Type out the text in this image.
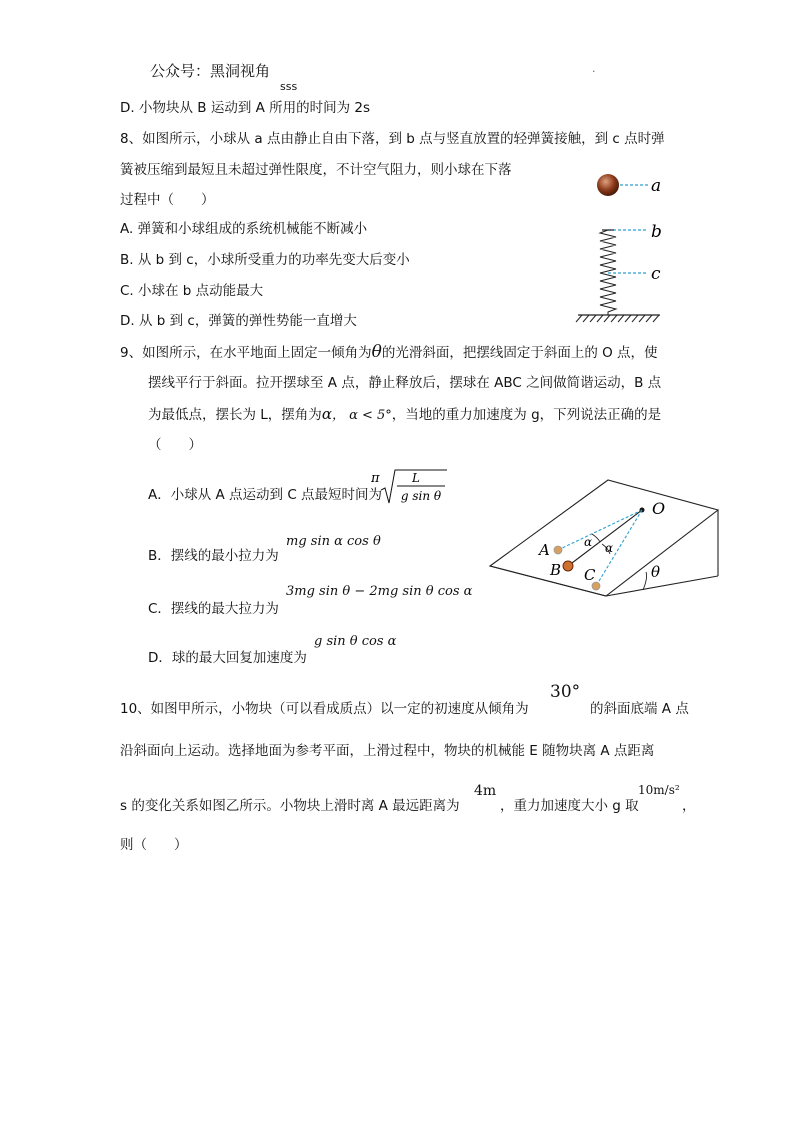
公众号：黑洞视角
sss
.
D. 小物块从 B 运动到 A 所用的时间为 2s
8、如图所示，小球从 a 点由静止自由下落，到 b 点与竖直放置的轻弹簧接触，到 c 点时弹
簧被压缩到最短且未超过弹性限度，不计空气阻力，则小球在下落
过程中（　　）
A. 弹簧和小球组成的系统机械能不断减小
B. 从 b 到 c，小球所受重力的功率先变大后变小
C. 小球在 b 点动能最大
D. 从 b 到 c，弹簧的弹性势能一直增大
a
b
c
9、如图所示，在水平地面上固定一倾角为θ的光滑斜面，把摆线固定于斜面上的 O 点，使
摆线平行于斜面。拉开摆球至 A 点，静止释放后，摆球在 ABC 之间做简谐运动，B 点
为最低点，摆长为 L，摆角为α， α < 5°，当地的重力加速度为 g，下列说法正确的是
（　　）
A．小球从 A 点运动到 C 点最短时间为
π	L
g sin θ
B．摆线的最小拉力为
mg sin α cos θ
C．摆线的最大拉力为
3mg sin θ − 2mg sin θ cos α
D．球的最大回复加速度为
g sin θ cos α
θ
O
α α
A
B C
10、如图甲所示，小物块（可以看成质点）以一定的初速度从倾角为
30°
的斜面底端 A 点
沿斜面向上运动。选择地面为参考平面，上滑过程中，物块的机械能 E 随物块离 A 点距离
s 的变化关系如图乙所示。小物块上滑时离 A 最远距离为
4m
，重力加速度大小 g 取
10m/s²
，
则（　　）
